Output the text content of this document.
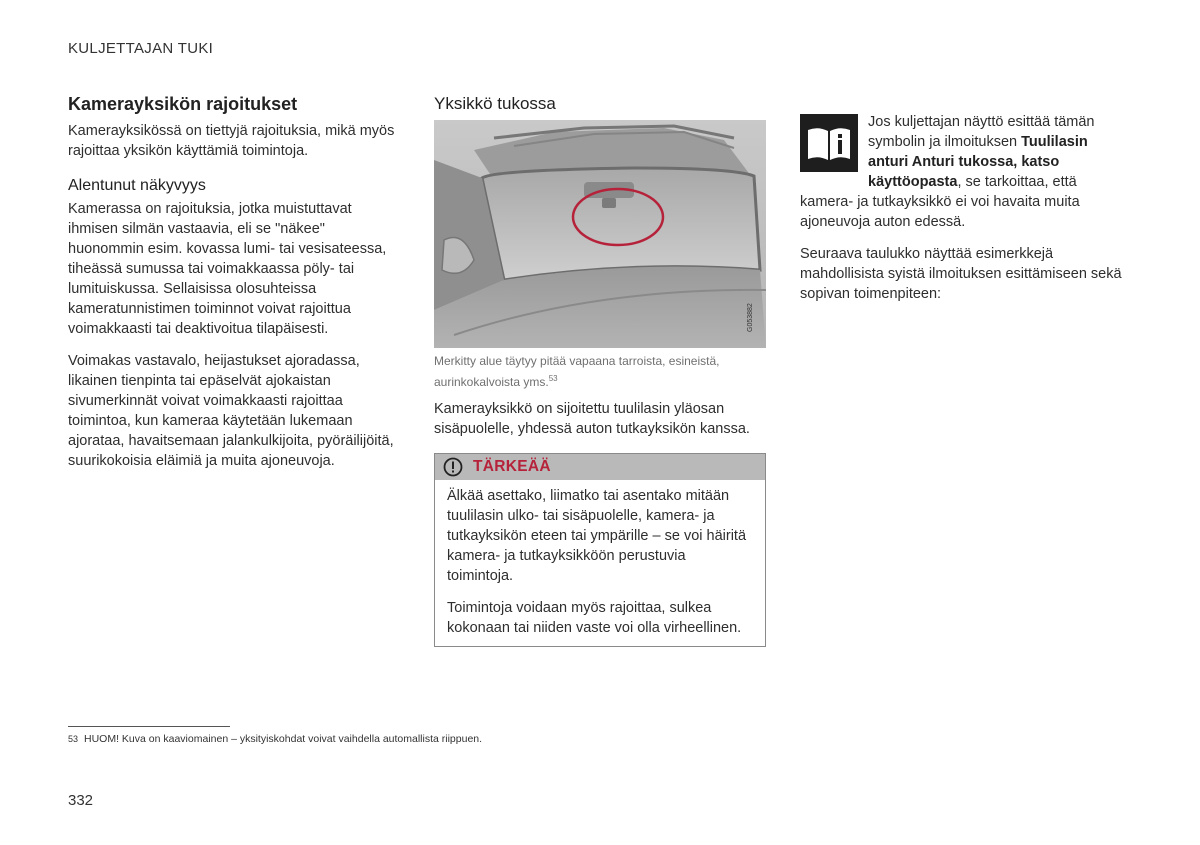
KULJETTAJAN TUKI
Kamerayksikön rajoitukset

Kamerayksikössä on tiettyjä rajoituksia, mikä myös rajoittaa yksikön käyttämiä toimintoja.

Alentunut näkyvyys

Kamerassa on rajoituksia, jotka muistuttavat ihmisen silmän vastaavia, eli se "näkee" huonommin esim. kovassa lumi- tai vesisateessa, tiheässä sumussa tai voimakkaassa pöly- tai lumituiskussa. Sellaisissa olosuhteissa kameratunnistimen toiminnot voivat rajoittua voimakkaasti tai deaktivoitua tilapäisesti.

Voimakas vastavalo, heijastukset ajoradassa, likainen tienpinta tai epäselvät ajokaistan sivumerkinnät voivat voimakkaasti rajoittaa toimintoa, kun kameraa käytetään lukemaan ajorataa, havaitsemaan jalankulkijoita, pyöräilijöitä, suurikokoisia eläimiä ja muita ajoneuvoja.

Yksikkö tukossa
G053882
Merkitty alue täytyy pitää vapaana tarroista, esineistä, aurinkokalvoista yms.$^{53}$

Kamerayksikkö on sijoitettu tuulilasin yläosan sisäpuolelle, yhdessä auton tutkayksikön kanssa.

TÄRKEÄÄ

Älkää asettako, liimatko tai asentako mitään tuulilasin ulko- tai sisäpuolelle, kamera- ja tutkayksikön eteen tai ympärille – se voi häiritä kamera- ja tutkayksikköön perustuvia toimintoja.

Toimintoja voidaan myös rajoittaa, sulkea kokonaan tai niiden vaste voi olla virheellinen.

Jos kuljettajan näyttö esittää tämän symbolin ja ilmoituksen Tuulilasin anturi Anturi tukossa, katso käyttöopasta, se tarkoittaa, että kamera- ja tutkayksikkö ei voi havaita muita ajoneuvoja auton edessä.

Seuraava taulukko näyttää esimerkkejä mahdollisista syistä ilmoituksen esittämiseen sekä sopivan toimenpiteen:

53 HUOM! Kuva on kaaviomainen – yksityiskohdat voivat vaihdella automallista riippuen.
332
